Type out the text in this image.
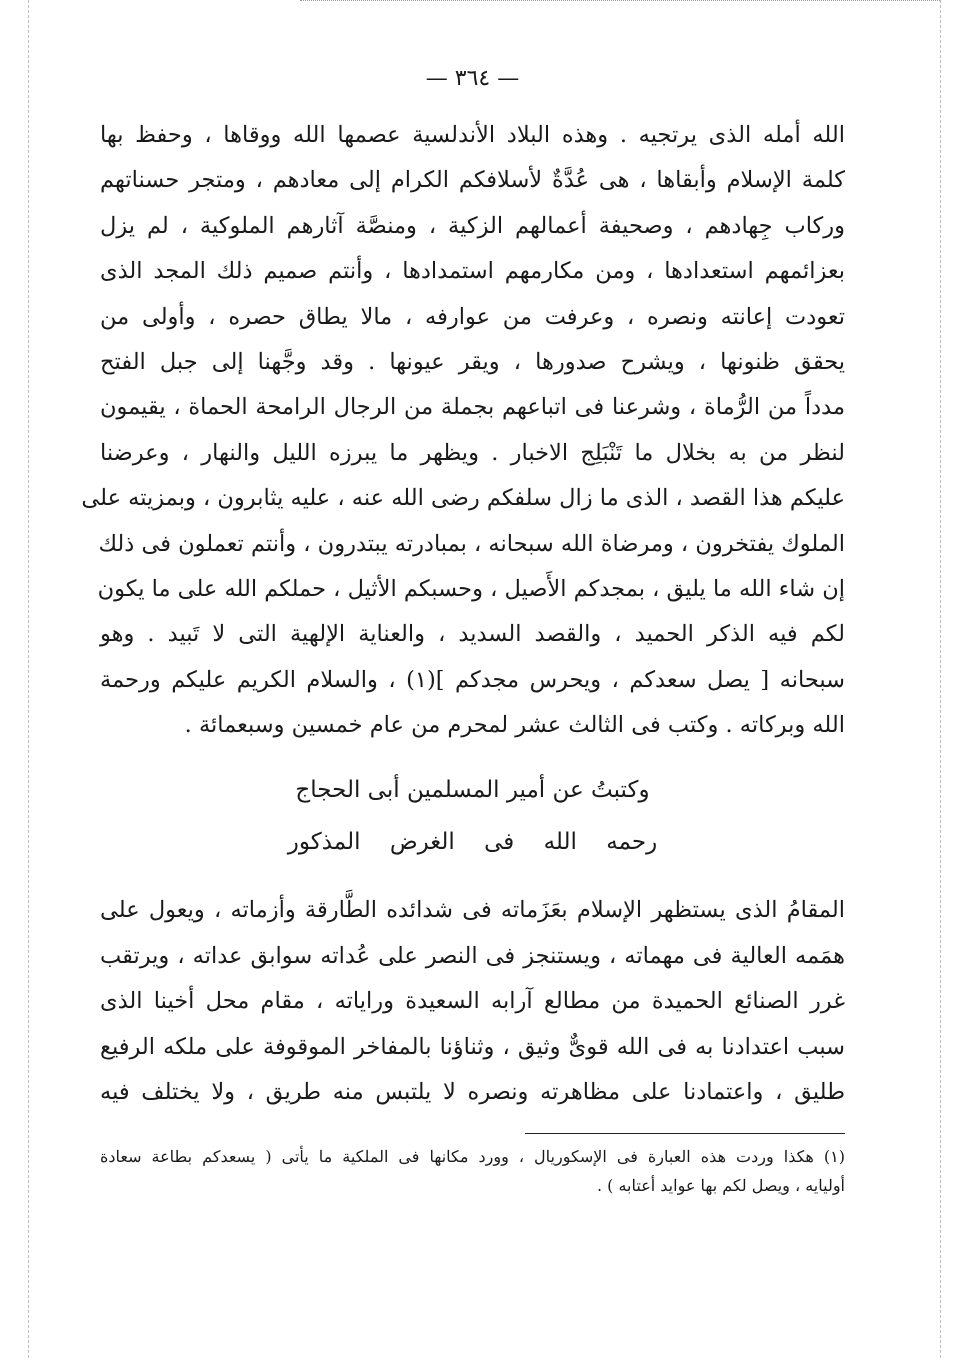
— ٣٦٤ —
الله أمله الذى يرتجيه . وهذه البلاد الأندلسية عصمها الله ووقاها ، وحفظ بها
كلمة الإسلام وأبقاها ، هى عُدَّةٌ لأسلافكم الكرام إلى معادهم ، ومتجر حسناتهم
وركاب جِهادهم ، وصحيفة أعمالهم الزكية ، ومنصَّة آثارهم الملوكية ، لم يزل
بعزائمهم استعدادها ، ومن مكارمهم استمدادها ، وأنتم صميم ذلك المجد الذى
تعودت إعانته ونصره ، وعرفت من عوارفه ، مالا يطاق حصره ، وأولى من
يحقق ظنونها ، ويشرح صدورها ، ويقر عيونها . وقد وجَّهنا إلى جبل الفتح
مدداً من الرُّماة ، وشرعنا فى اتباعهم بجملة من الرجال الرامحة الحماة ، يقيمون
لنظر من به بخلال ما تَنْبَلِج الاخبار . ويظهر ما يبرزه الليل والنهار ، وعرضنا
عليكم هذا القصد ، الذى ما زال سلفكم رضى الله عنه ، عليه يثابرون ، وبمزيته على
الملوك يفتخرون ، ومرضاة الله سبحانه ، بمبادرته يبتدرون ، وأنتم تعملون فى ذلك
إن شاء الله ما يليق ، بمجدكم الأَصيل ، وحسبكم الأثيل ، حملكم الله على ما يكون
لكم فيه الذكر الحميد ، والقصد السديد ، والعناية الإلهية التى لا تَبيد . وهو
سبحانه [ يصل سعدكم ، ويحرس مجدكم ](١) ، والسلام الكريم عليكم ورحمة
الله وبركاته . وكتب فى الثالث عشر لمحرم من عام خمسين وسبعمائة .
وكتبتُ عن أمير المسلمين أبى الحجاج
رحمه الله فى الغرض المذكور
المقامُ الذى يستظهر الإسلام بعَزَماته فى شدائده الطَّارقة وأزماته ، ويعول على
همَمه العالية فى مهماته ، ويستنجز فى النصر على عُداته سوابق عداته ، ويرتقب
غرر الصنائع الحميدة من مطالع آرابه السعيدة وراياته ، مقام محل أخينا الذى
سبب اعتدادنا به فى الله قوىٌّ وثيق ، وثناؤنا بالمفاخر الموقوفة على ملكه الرفيع
طليق ، واعتمادنا على مظاهرته ونصره لا يلتبس منه طريق ، ولا يختلف فيه
(١) هكذا وردت هذه العبارة فى الإسكوريال ، وورد مكانها فى الملكية ما يأتى ( يسعدكم بطاعة سعادة
أوليايه ، ويصل لكم بها عوايد أعتابه ) .
